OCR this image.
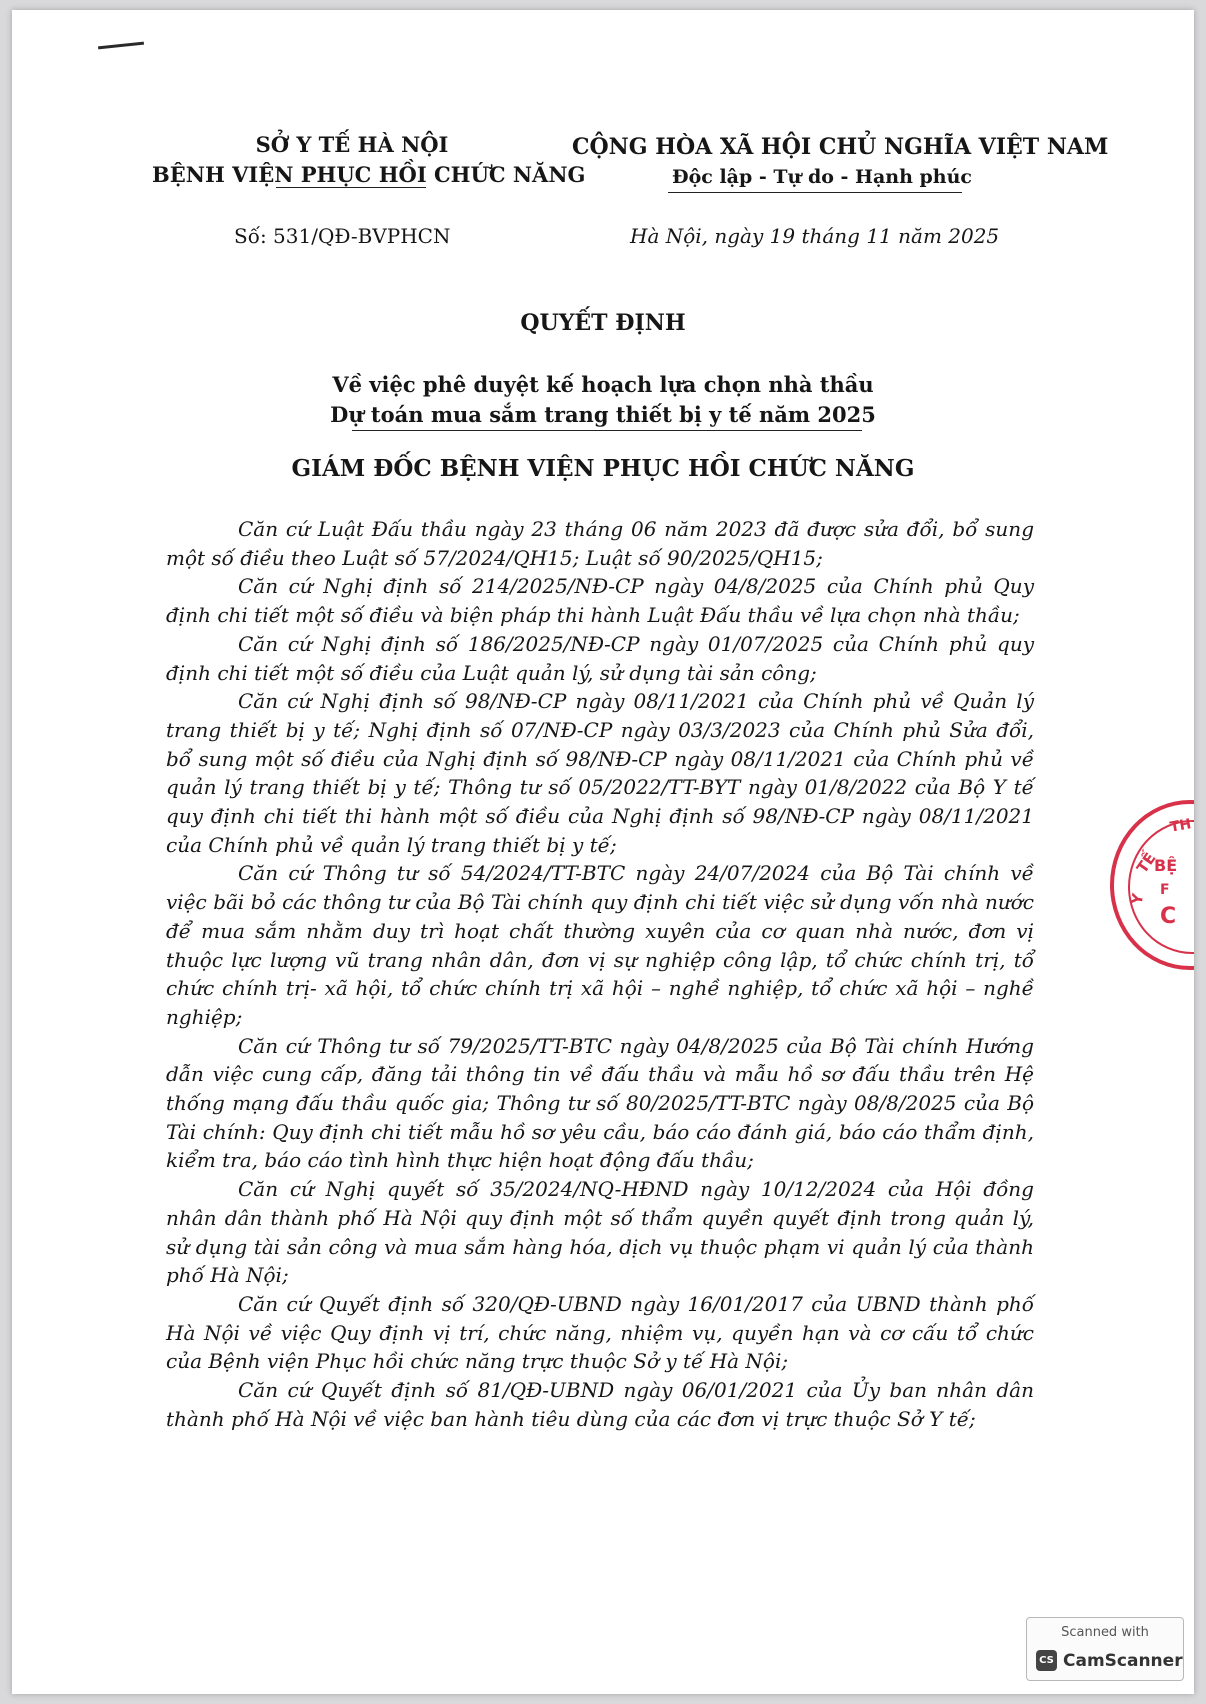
SỞ Y TẾ HÀ NỘI
BỆNH VIỆN PHỤC HỒI CHỨC NĂNG
CỘNG HÒA XÃ HỘI CHỦ NGHĨA VIỆT NAM
Độc lập - Tự do - Hạnh phúc
Số: 531/QĐ-BVPHCN	Hà Nội, ngày 19 tháng 11 năm 2025
QUYẾT ĐỊNH
Về việc phê duyệt kế hoạch lựa chọn nhà thầu
Dự toán mua sắm trang thiết bị y tế năm 2025
GIÁM ĐỐC BỆNH VIỆN PHỤC HỒI CHỨC NĂNG

Căn cứ Luật Đấu thầu ngày 23 tháng 06 năm 2023 đã được sửa đổi, bổ sung một số điều theo Luật số 57/2024/QH15; Luật số 90/2025/QH15;

Căn cứ Nghị định số 214/2025/NĐ-CP ngày 04/8/2025 của Chính phủ Quy định chi tiết một số điều và biện pháp thi hành Luật Đấu thầu về lựa chọn nhà thầu;

Căn cứ Nghị định số 186/2025/NĐ-CP ngày 01/07/2025 của Chính phủ quy định chi tiết một số điều của Luật quản lý, sử dụng tài sản công;

Căn cứ Nghị định số 98/NĐ-CP ngày 08/11/2021 của Chính phủ về Quản lý trang thiết bị y tế; Nghị định số 07/NĐ-CP ngày 03/3/2023 của Chính phủ Sửa đổi, bổ sung một số điều của Nghị định số 98/NĐ-CP ngày 08/11/2021 của Chính phủ về quản lý trang thiết bị y tế; Thông tư số 05/2022/TT-BYT ngày 01/8/2022 của Bộ Y tế quy định chi tiết thi hành một số điều của Nghị định số 98/NĐ-CP ngày 08/11/2021 của Chính phủ về quản lý trang thiết bị y tế;

Căn cứ Thông tư số 54/2024/TT-BTC ngày 24/07/2024 của Bộ Tài chính về việc bãi bỏ các thông tư của Bộ Tài chính quy định chi tiết việc sử dụng vốn nhà nước để mua sắm nhằm duy trì hoạt chất thường xuyên của cơ quan nhà nước, đơn vị thuộc lực lượng vũ trang nhân dân, đơn vị sự nghiệp công lập, tổ chức chính trị, tổ chức chính trị- xã hội, tổ chức chính trị xã hội – nghề nghiệp, tổ chức xã hội – nghề nghiệp;

Căn cứ Thông tư số 79/2025/TT-BTC ngày 04/8/2025 của Bộ Tài chính Hướng dẫn việc cung cấp, đăng tải thông tin về đấu thầu và mẫu hồ sơ đấu thầu trên Hệ thống mạng đấu thầu quốc gia; Thông tư số 80/2025/TT-BTC ngày 08/8/2025 của Bộ Tài chính: Quy định chi tiết mẫu hồ sơ yêu cầu, báo cáo đánh giá, báo cáo thẩm định, kiểm tra, báo cáo tình hình thực hiện hoạt động đấu thầu;

Căn cứ Nghị quyết số 35/2024/NQ-HĐND ngày 10/12/2024 của Hội đồng nhân dân thành phố Hà Nội quy định một số thẩm quyền quyết định trong quản lý, sử dụng tài sản công và mua sắm hàng hóa, dịch vụ thuộc phạm vi quản lý của thành phố Hà Nội;

Căn cứ Quyết định số 320/QĐ-UBND ngày 16/01/2017 của UBND thành phố Hà Nội về việc Quy định vị trí, chức năng, nhiệm vụ, quyền hạn và cơ cấu tổ chức của Bệnh viện Phục hồi chức năng trực thuộc Sở y tế Hà Nội;

Căn cứ Quyết định số 81/QĐ-UBND ngày 06/01/2021 của Ủy ban nhân dân thành phố Hà Nội về việc ban hành tiêu dùng của các đơn vị trực thuộc Sở Y tế;

Y
TẾ
TH
BỆ
F
C
Scanned with
CS CamScanner
